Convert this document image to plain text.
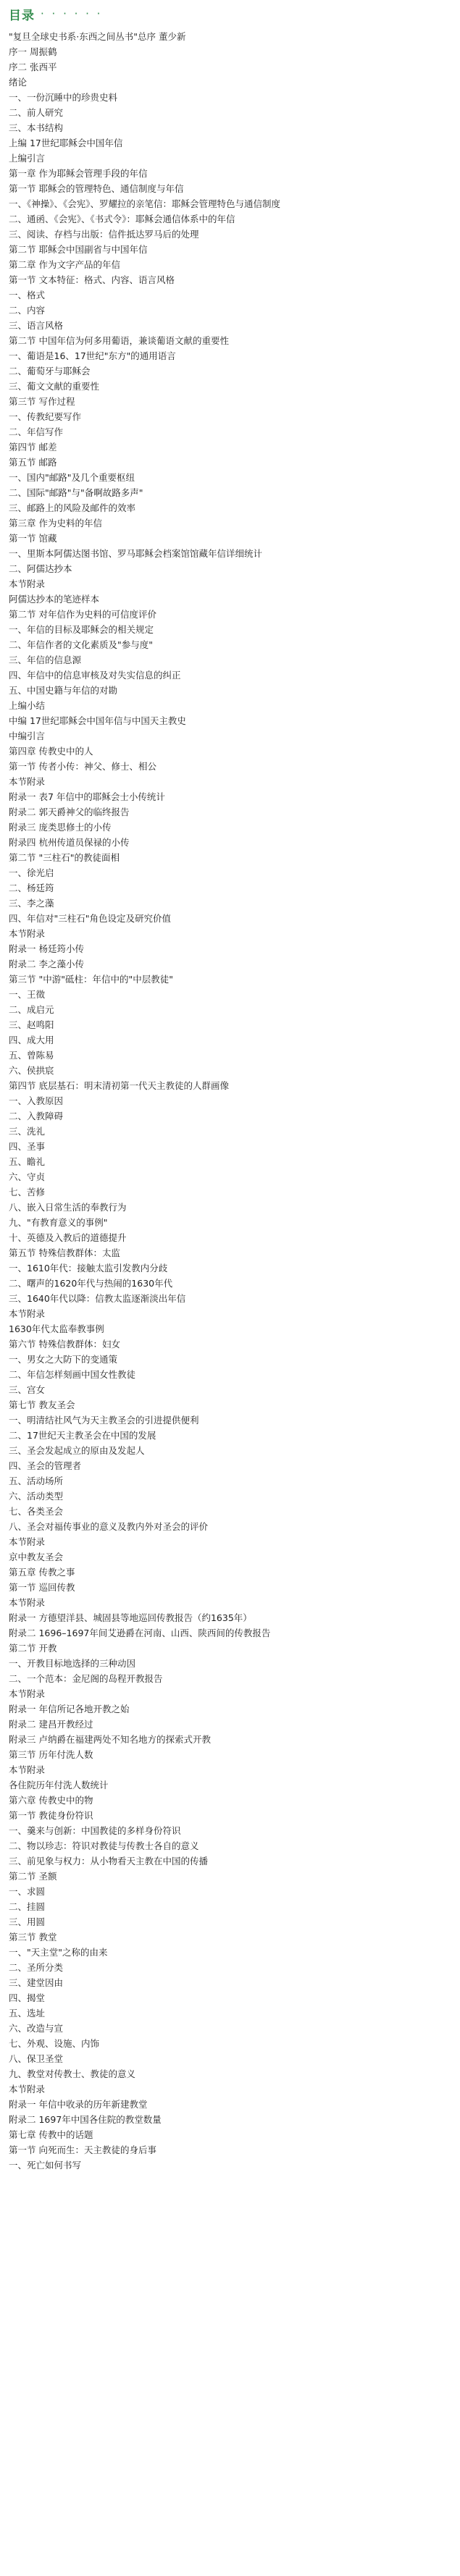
目录 · · · · · ·
"复旦全球史书系·东西之间丛书"总序 董少新
序一 周振鹤
序二 张西平
绪论
一、一份沉睡中的珍贵史料
二、前人研究
三、本书结构
上编 17世纪耶稣会中国年信
上编引言
第一章 作为耶稣会管理手段的年信
第一节 耶稣会的管理特色、通信制度与年信
一、《神操》、《会宪》、罗耀拉的亲笔信：耶稣会管理特色与通信制度
二、通函、《会宪》、《书式令》：耶稣会通信体系中的年信
三、阅读、存档与出版：信件抵达罗马后的处理
第二节 耶稣会中国副省与中国年信
第二章 作为文字产品的年信
第一节 文本特征：格式、内容、语言风格
一、格式
二、内容
三、语言风格
第二节 中国年信为何多用葡语，兼谈葡语文献的重要性
一、葡语是16、17世纪"东方"的通用语言
二、葡萄牙与耶稣会
三、葡文文献的重要性
第三节 写作过程
一、传教纪要写作
二、年信写作
第四节 邮差
第五节 邮路
一、国内"邮路"及几个重要枢纽
二、国际"邮路"与"备啊故路多声"
三、邮路上的风险及邮件的效率
第三章 作为史料的年信
第一节 馆藏
一、里斯本阿儒达图书馆、罗马耶稣会档案馆馆藏年信详细统计
二、阿儒达抄本
本节附录
阿儒达抄本的笔迹样本
第二节 对年信作为史料的可信度评价
一、年信的目标及耶稣会的相关规定
二、年信作者的文化素质及"参与度"
三、年信的信息源
四、年信中的信息审核及对失实信息的纠正
五、中国史籍与年信的对勘
上编小结
中编 17世纪耶稣会中国年信与中国天主教史
中编引言
第四章 传教史中的人
第一节 传者小传：神父、修士、相公
本节附录
附录一 表7 年信中的耶稣会士小传统计
附录二 郭天爵神父的临终报告
附录三 庞类思修士的小传
附录四 杭州传道员保禄的小传
第二节 "三柱石"的教徒面相
一、徐光启
二、杨廷筠
三、李之藻
四、年信对"三柱石"角色设定及研究价值
本节附录
附录一 杨廷筠小传
附录二 李之藻小传
第三节 "中游"砥柱：年信中的"中层教徒"
一、王徵
二、成启元
三、赵鸣阳
四、成大用
五、曾陈易
六、侯拱宸
第四节 底层基石：明末清初第一代天主教徒的人群画像
一、入教原因
二、入教障碍
三、洗礼
四、圣事
五、瞻礼
六、守贞
七、苦修
八、嵌入日常生活的奉教行为
九、"有教育意义的事例"
十、英德及入教后的道德提升
第五节 特殊信教群体：太监
一、1610年代：接触太监引发教内分歧
二、曙声的1620年代与热闹的1630年代
三、1640年代以降：信教太监逐渐淡出年信
本节附录
1630年代太监奉教事例
第六节 特殊信教群体：妇女
一、男女之大防下的变通策
二、年信怎样刻画中国女性教徒
三、宫女
第七节 教友圣会
一、明清结社风气为天主教圣会的引进提供便利
二、17世纪天主教圣会在中国的发展
三、圣会发起成立的原由及发起人
四、圣会的管理者
五、活动场所
六、活动类型
七、各类圣会
八、圣会对福传事业的意义及教内外对圣会的评价
本节附录
京中教友圣会
第五章 传教之事
第一节 巡回传教
本节附录
附录一 方德望洋县、城固县等地巡回传教报告（约1635年）
附录二 1696–1697年间艾逊爵在河南、山西、陕西间的传教报告
第二节 开教
一、开教目标地选择的三种动因
二、一个范本：金尼阁的岛程开教报告
本节附录
附录一 年信所记各地开教之始
附录二 建昌开教经过
附录三 卢纳爵在福建两处不知名地方的探索式开教
第三节 历年付洗人数
本节附录
各住院历年付洗人数统计
第六章 传教史中的物
第一节 教徒身份符识
一、羹来与创新：中国教徒的多样身份符识
二、物以珍志：符识对教徒与传教士各自的意义
三、前见象与权力：从小物看天主教在中国的传播
第二节 圣额
一、求圆
二、挂圆
三、用圆
第三节 教堂
一、"天主堂"之称的由来
二、圣所分类
三、建堂因由
四、揭堂
五、选址
六、改造与宣
七、外观、设施、内饰
八、保卫圣堂
九、教堂对传教士、教徒的意义
本节附录
附录一 年信中收录的历年新建教堂
附录二 1697年中国各住院的教堂数量
第七章 传教中的话题
第一节 向死而生：天主教徒的身后事
一、死亡如何书写
